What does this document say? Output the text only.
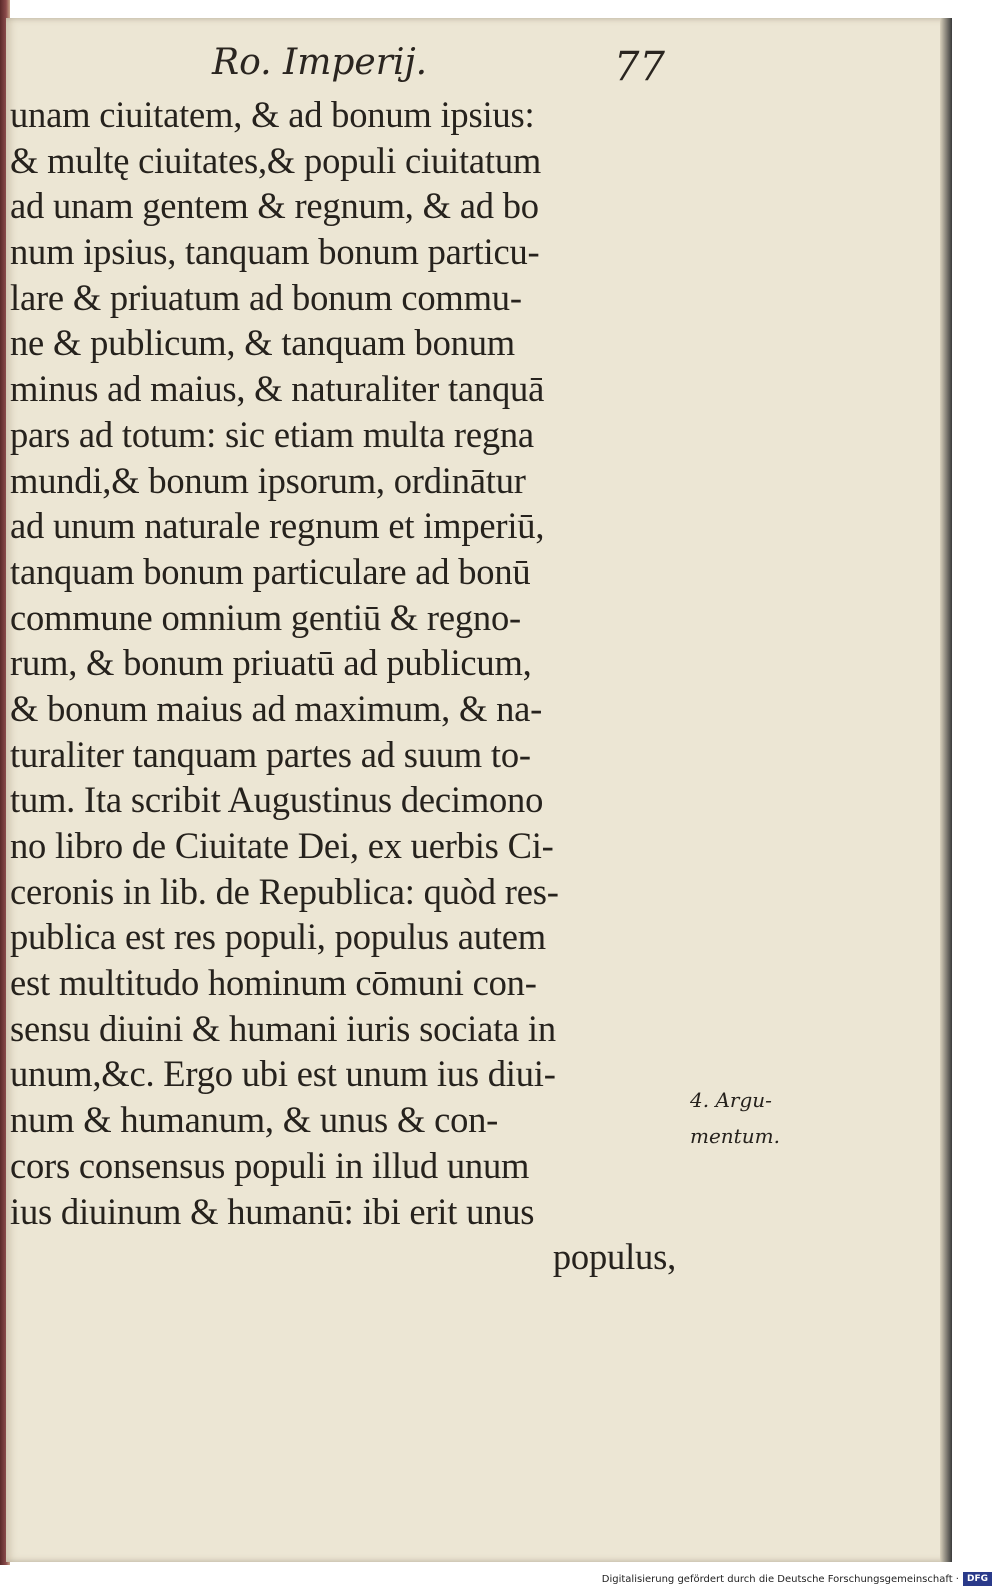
Ro. Imperij.	77
unam ciuitatem, & ad bonum ipsius:
& multę ciuitates,& populi ciuitatum
ad unam gentem & regnum, & ad bo
num ipsius, tanquam bonum particu-
lare & priuatum ad bonum commu-
ne & publicum, & tanquam bonum
minus ad maius, & naturaliter tanquā
pars ad totum: sic etiam multa regna
mundi,& bonum ipsorum, ordinātur
ad unum naturale regnum et imperiū,
tanquam bonum particulare ad bonū
commune omnium gentiū & regno-
rum, & bonum priuatū ad publicum,
& bonum maius ad maximum, & na-
turaliter tanquam partes ad suum to-
tum. Ita scribit Augustinus decimono
no libro de Ciuitate Dei, ex uerbis Ci-
ceronis in lib. de Republica: quòd res-
publica est res populi, populus autem
est multitudo hominum cōmuni con-
sensu diuini & humani iuris sociata in
unum,&c. Ergo ubi est unum ius diui-
num & humanum, & unus & con-
cors consensus populi in illud unum
ius diuinum & humanū: ibi erit unus
populus,
4. Argu-
mentum.
Digitalisierung gefördert durch die Deutsche Forschungsgemeinschaft · DFG
